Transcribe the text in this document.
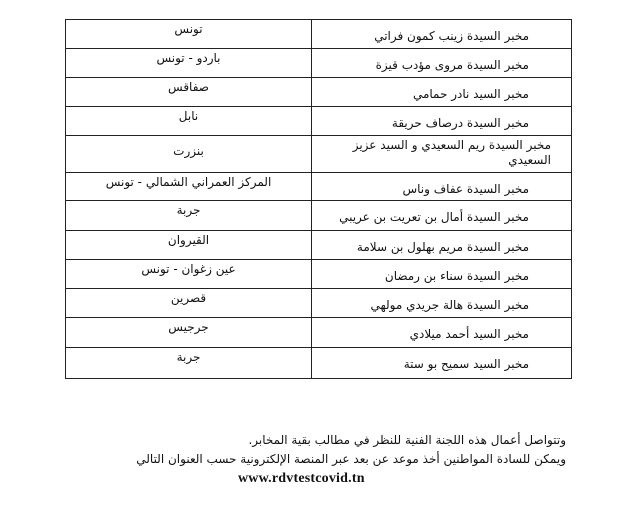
تونس	مخبر السيدة زينب كمون فراتي
باردو - تونس	مخبر السيدة مروى مؤدب قيزة
صفاقس	مخبر السيد نادر حمامي
نابل	مخبر السيدة درصاف حريقة
بنزرت	مخبر السيدة ريم السعيدي و السيد عزيز السعيدي
المركز العمراني الشمالي - تونس	مخبر السيدة عفاف وناس
جربة	مخبر السيدة أمال بن تعريت بن عريبي
القيروان	مخبر السيدة مريم بهلول بن سلامة
عين زغوان - تونس	مخبر السيدة سناء بن رمضان
قصرين	مخبر السيدة هالة جريدي مولهي
جرجيس	مخبر السيد أحمد ميلادي
جربة	مخبر السيد سميح بو ستة
وتتواصل أعمال هذه اللجنة الفنية للنظر في مطالب بقية المخابر.
ويمكن للسادة المواطنين أخذ موعد عن بعد عبر المنصة الإلكترونية حسب العنوان التالي
www.rdvtestcovid.tn
